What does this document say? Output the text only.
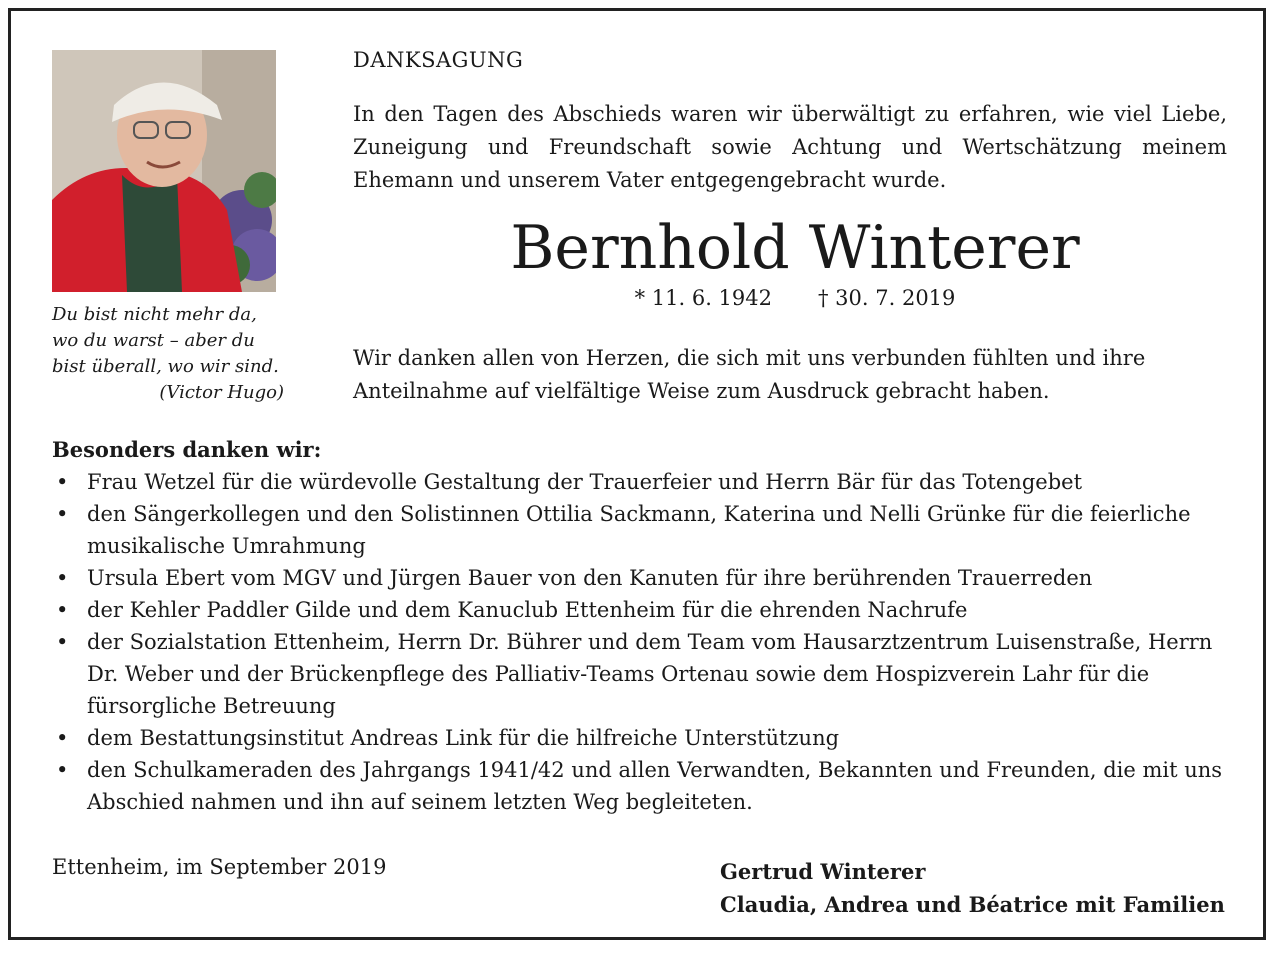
Du bist nicht mehr da,
wo du warst – aber du
bist überall, wo wir sind.
(Victor Hugo)
DANKSAGUNG
In den Tagen des Abschieds waren wir überwältigt zu erfahren, wie viel Liebe, Zuneigung und Freundschaft sowie Achtung und Wertschätzung meinem Ehemann und unserem Vater entgegengebracht wurde.
Bernhold Winterer
* 11. 6. 1942 † 30. 7. 2019
Wir danken allen von Herzen, die sich mit uns verbunden fühlten und ihre Anteilnahme auf vielfältige Weise zum Ausdruck gebracht haben.
Besonders danken wir:
• Frau Wetzel für die würdevolle Gestaltung der Trauerfeier und Herrn Bär für das Totengebet
• den Sängerkollegen und den Solistinnen Ottilia Sackmann, Katerina und Nelli Grünke für die feierliche musikalische Umrahmung
• Ursula Ebert vom MGV und Jürgen Bauer von den Kanuten für ihre berührenden Trauerreden
• der Kehler Paddler Gilde und dem Kanuclub Ettenheim für die ehrenden Nachrufe
• der Sozialstation Ettenheim, Herrn Dr. Bührer und dem Team vom Hausarztzentrum Luisenstraße, Herrn Dr. Weber und der Brückenpflege des Palliativ-Teams Ortenau sowie dem Hospizverein Lahr für die fürsorgliche Betreuung
• dem Bestattungsinstitut Andreas Link für die hilfreiche Unterstützung
• den Schulkameraden des Jahrgangs 1941/42 und allen Verwandten, Bekannten und Freunden, die mit uns Abschied nahmen und ihn auf seinem letzten Weg begleiteten.
Ettenheim, im September 2019	Gertrud Winterer
Claudia, Andrea und Béatrice mit Familien
